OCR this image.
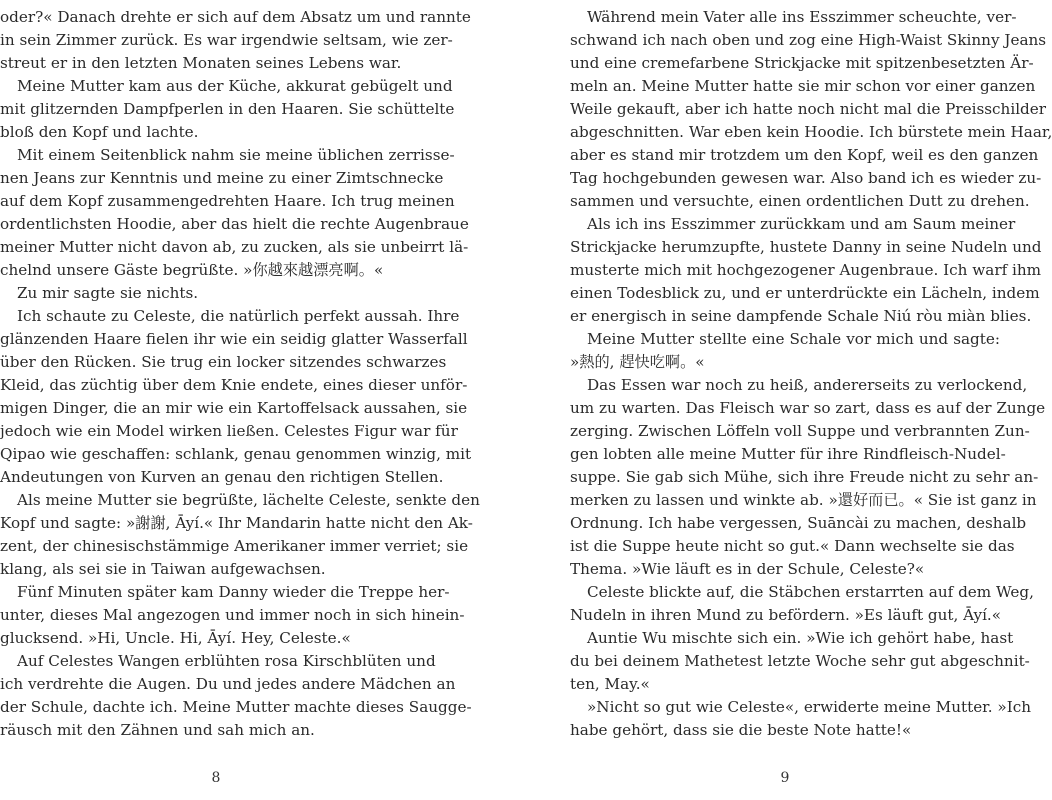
oder?« Danach drehte er sich auf dem Absatz um und rannte
in sein Zimmer zurück. Es war irgendwie seltsam, wie zer-
streut er in den letzten Monaten seines Lebens war.
Meine Mutter kam aus der Küche, akkurat gebügelt und
mit glitzernden Dampfperlen in den Haaren. Sie schüttelte
bloß den Kopf und lachte.
Mit einem Seitenblick nahm sie meine üblichen zerrisse-
nen Jeans zur Kenntnis und meine zu einer Zimtschnecke
auf dem Kopf zusammengedrehten Haare. Ich trug meinen
ordentlichsten Hoodie, aber das hielt die rechte Augenbraue
meiner Mutter nicht davon ab, zu zucken, als sie unbeirrt lä-
chelnd unsere Gäste begrüßte. »你越來越漂亮啊。«
Zu mir sagte sie nichts.
Ich schaute zu Celeste, die natürlich perfekt aussah. Ihre
glänzenden Haare fielen ihr wie ein seidig glatter Wasserfall
über den Rücken. Sie trug ein locker sitzendes schwarzes
Kleid, das züchtig über dem Knie endete, eines dieser unför-
migen Dinger, die an mir wie ein Kartoffelsack aussahen, sie
jedoch wie ein Model wirken ließen. Celestes Figur war für
Qipao wie geschaffen: schlank, genau genommen winzig, mit
Andeutungen von Kurven an genau den richtigen Stellen.
Als meine Mutter sie begrüßte, lächelte Celeste, senkte den
Kopf und sagte: »謝謝, Āyí.« Ihr Mandarin hatte nicht den Ak-
zent, der chinesischstämmige Amerikaner immer verriet; sie
klang, als sei sie in Taiwan aufgewachsen.
Fünf Minuten später kam Danny wieder die Treppe her-
unter, dieses Mal angezogen und immer noch in sich hinein-
glucksend. »Hi, Uncle. Hi, Āyí. Hey, Celeste.«
Auf Celestes Wangen erblühten rosa Kirschblüten und
ich verdrehte die Augen. Du und jedes andere Mädchen an
der Schule, dachte ich. Meine Mutter machte dieses Saugge-
räusch mit den Zähnen und sah mich an.
8
Während mein Vater alle ins Esszimmer scheuchte, ver-
schwand ich nach oben und zog eine High-Waist Skinny Jeans
und eine cremefarbene Strickjacke mit spitzenbesetzten Är-
meln an. Meine Mutter hatte sie mir schon vor einer ganzen
Weile gekauft, aber ich hatte noch nicht mal die Preisschilder
abgeschnitten. War eben kein Hoodie. Ich bürstete mein Haar,
aber es stand mir trotzdem um den Kopf, weil es den ganzen
Tag hochgebunden gewesen war. Also band ich es wieder zu-
sammen und versuchte, einen ordentlichen Dutt zu drehen.
Als ich ins Esszimmer zurückkam und am Saum meiner
Strickjacke herumzupfte, hustete Danny in seine Nudeln und
musterte mich mit hochgezogener Augenbraue. Ich warf ihm
einen Todesblick zu, und er unterdrückte ein Lächeln, indem
er energisch in seine dampfende Schale Niú ròu miàn blies.
Meine Mutter stellte eine Schale vor mich und sagte:
»熱的, 趕快吃啊。«
Das Essen war noch zu heiß, andererseits zu verlockend,
um zu warten. Das Fleisch war so zart, dass es auf der Zunge
zerging. Zwischen Löffeln voll Suppe und verbrannten Zun-
gen lobten alle meine Mutter für ihre Rindfleisch-Nudel-
suppe. Sie gab sich Mühe, sich ihre Freude nicht zu sehr an-
merken zu lassen und winkte ab. »還好而已。« Sie ist ganz in
Ordnung. Ich habe vergessen, Suāncài zu machen, deshalb
ist die Suppe heute nicht so gut.« Dann wechselte sie das
Thema. »Wie läuft es in der Schule, Celeste?«
Celeste blickte auf, die Stäbchen erstarrten auf dem Weg,
Nudeln in ihren Mund zu befördern. »Es läuft gut, Āyí.«
Auntie Wu mischte sich ein. »Wie ich gehört habe, hast
du bei deinem Mathetest letzte Woche sehr gut abgeschnit-
ten, May.«
»Nicht so gut wie Celeste«, erwiderte meine Mutter. »Ich
habe gehört, dass sie die beste Note hatte!«
9
